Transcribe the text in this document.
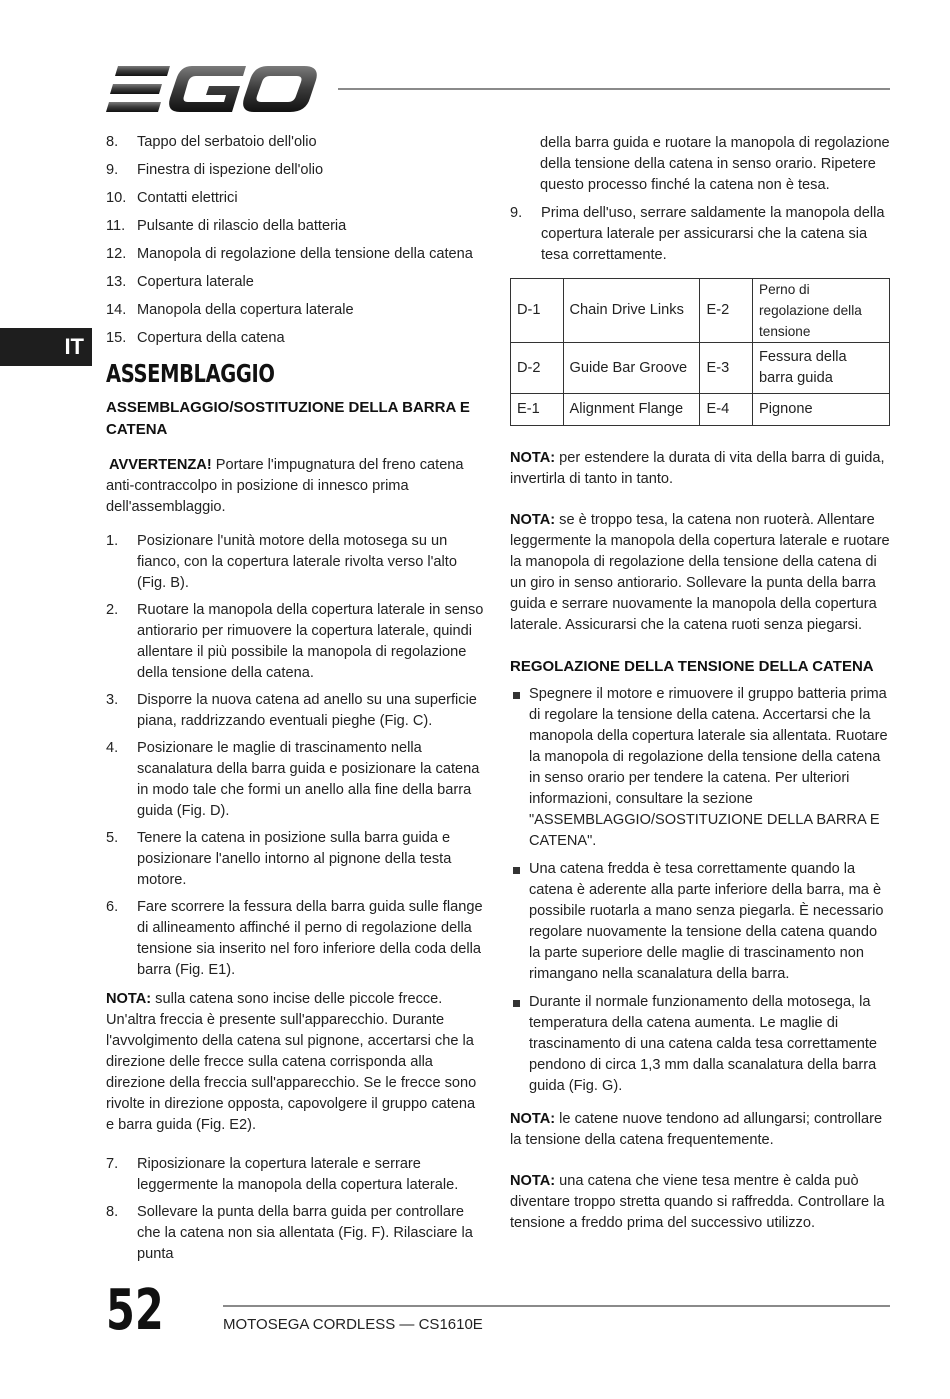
IT
8. Tappo del serbatoio dell'olio
9. Finestra di ispezione dell'olio
10. Contatti elettrici
11. Pulsante di rilascio della batteria
12. Manopola di regolazione della tensione della catena
13. Copertura laterale
14. Manopola della copertura laterale
15. Copertura della catena
ASSEMBLAGGIO
ASSEMBLAGGIO/SOSTITUZIONE DELLA BARRA E CATENA

AVVERTENZA! Portare l'impugnatura del freno catena anti-contraccolpo in posizione di innesco prima dell'assemblaggio.

1. Posizionare l'unità motore della motosega su un fianco, con la copertura laterale rivolta verso l'alto (Fig. B).
2. Ruotare la manopola della copertura laterale in senso antiorario per rimuovere la copertura laterale, quindi allentare il più possibile la manopola di regolazione della tensione della catena.
3. Disporre la nuova catena ad anello su una superficie piana, raddrizzando eventuali pieghe (Fig. C).
4. Posizionare le maglie di trascinamento nella scanalatura della barra guida e posizionare la catena in modo tale che formi un anello alla fine della barra guida (Fig. D).
5. Tenere la catena in posizione sulla barra guida e posizionare l'anello intorno al pignone della testa motore.
6. Fare scorrere la fessura della barra guida sulle flange di allineamento affinché il perno di regolazione della tensione sia inserito nel foro inferiore della coda della barra (Fig. E1).

NOTA: sulla catena sono incise delle piccole frecce. Un'altra freccia è presente sull'apparecchio. Durante l'avvolgimento della catena sul pignone, accertarsi che la direzione delle frecce sulla catena corrisponda alla direzione della freccia sull'apparecchio. Se le frecce sono rivolte in direzione opposta, capovolgere il gruppo catena e barra guida (Fig. E2).

7. Riposizionare la copertura laterale e serrare leggermente la manopola della copertura laterale.
8. Sollevare la punta della barra guida per controllare che la catena non sia allentata (Fig. F). Rilasciare la punta

della barra guida e ruotare la manopola di regolazione della tensione della catena in senso orario. Ripetere questo processo finché la catena non è tesa.

9. Prima dell'uso, serrare saldamente la manopola della copertura laterale per assicurarsi che la catena sia tesa correttamente.
D-1	Chain Drive Links	E-2	Perno di regolazione della tensione
D-2	Guide Bar Groove	E-3	Fessura della barra guida
E-1	Alignment Flange	E-4	Pignone

NOTA: per estendere la durata di vita della barra di guida, invertirla di tanto in tanto.

NOTA: se è troppo tesa, la catena non ruoterà. Allentare leggermente la manopola della copertura laterale e ruotare la manopola di regolazione della tensione della catena di un giro in senso antiorario. Sollevare la punta della barra guida e serrare nuovamente la manopola della copertura laterale. Assicurarsi che la catena ruoti senza piegarsi.

REGOLAZIONE DELLA TENSIONE DELLA CATENA
Spegnere il motore e rimuovere il gruppo batteria prima di regolare la tensione della catena. Accertarsi che la manopola della copertura laterale sia allentata. Ruotare la manopola di regolazione della tensione della catena in senso orario per tendere la catena. Per ulteriori informazioni, consultare la sezione "ASSEMBLAGGIO/SOSTITUZIONE DELLA BARRA E CATENA".
Una catena fredda è tesa correttamente quando la catena è aderente alla parte inferiore della barra, ma è possibile ruotarla a mano senza piegarla. È necessario regolare nuovamente la tensione della catena quando la parte superiore delle maglie di trascinamento non rimangano nella scanalatura della barra.
Durante il normale funzionamento della motosega, la temperatura della catena aumenta. Le maglie di trascinamento di una catena calda tesa correttamente pendono di circa 1,3 mm dalla scanalatura della barra guida (Fig. G).

NOTA: le catene nuove tendono ad allungarsi; controllare la tensione della catena frequentemente.

NOTA: una catena che viene tesa mentre è calda può diventare troppo stretta quando si raffredda. Controllare la tensione a freddo prima del successivo utilizzo.

52	MOTOSEGA CORDLESS — CS1610E
